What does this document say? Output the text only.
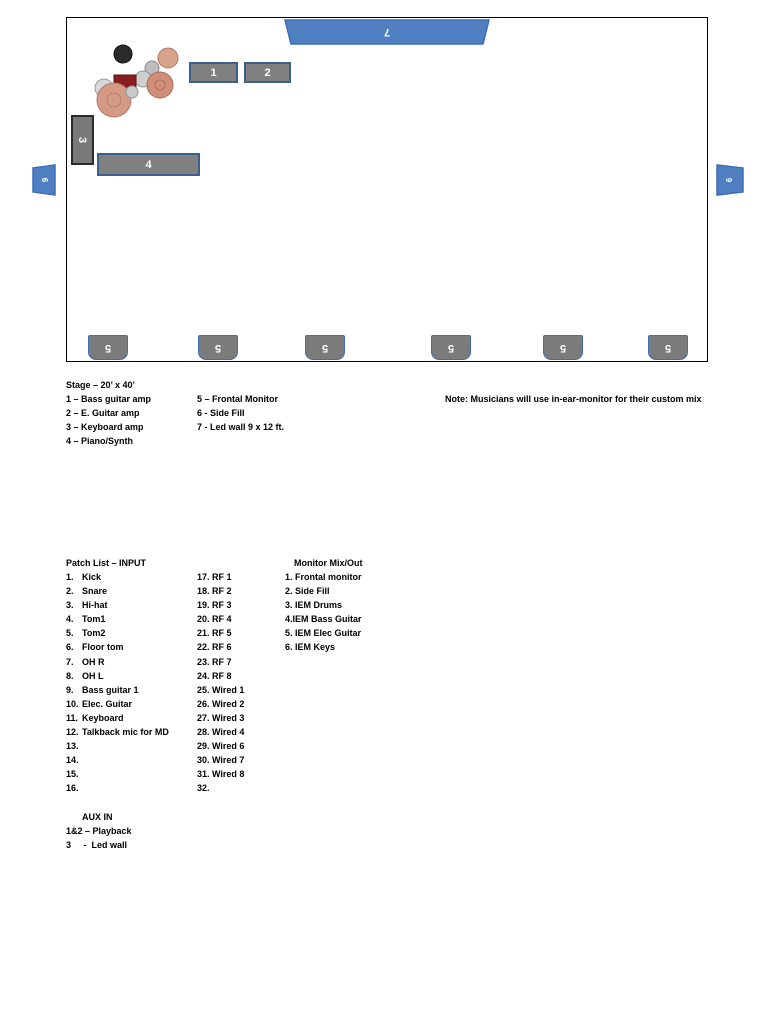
7
6	6
1	2
3
4
5	5	5	5	5	5
Stage – 20’ x 40’
1 – Bass guitar amp
2 – E. Guitar amp
3 – Keyboard amp
4 – Piano/Synth
5 – Frontal Monitor
6 - Side Fill
7 - Led wall 9 x 12 ft.
Note: Musicians will use in-ear-monitor for their custom mix
Patch List – INPUT
1. Kick
2. Snare
3. Hi-hat
4. Tom1
5. Tom2
6. Floor tom
7. OH R
8. OH L
9. Bass guitar 1
10. Elec. Guitar
11. Keyboard
12. Talkback mic for MD
13.
14.
15.
16.
17. RF 1
18. RF 2
19. RF 3
20. RF 4
21. RF 5
22. RF 6
23. RF 7
24. RF 8
25. Wired 1
26. Wired 2
27. Wired 3
28. Wired 4
29. Wired 6
30. Wired 7
31. Wired 8
32.
Monitor Mix/Out
1. Frontal monitor
2. Side Fill
3. IEM Drums
4.IEM Bass Guitar
5. IEM Elec Guitar
6. IEM Keys
AUX IN
1&2 – Playback
3     -  Led wall
